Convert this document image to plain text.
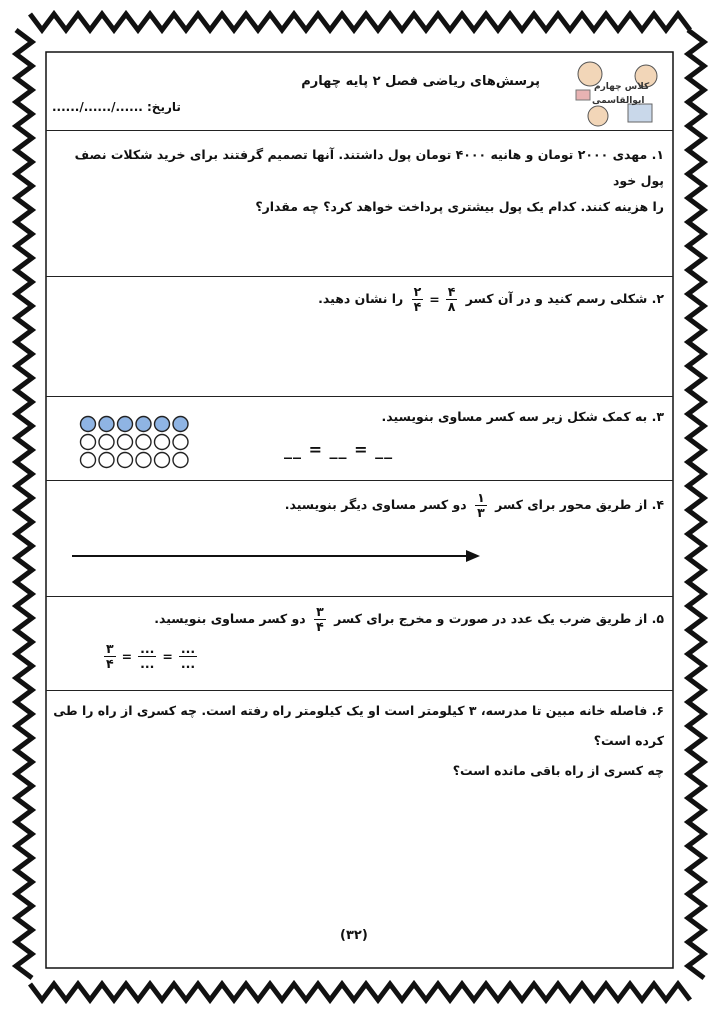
پرسش‌های ریاضی فصل ۲ پایه چهارم
تاریخ: ....../....../......
کلاس چهارم
ابوالقاسمی
۱. مهدی ۲۰۰۰ تومان و هانیه ۴۰۰۰ تومان پول داشتند. آنها تصمیم گرفتند برای خرید شکلات نصف پول خود
را هزینه کنند. کدام یک پول بیشتری پرداخت خواهد کرد؟ چه مقدار؟
۲. شکلی رسم کنید و در آن کسر
$\frac{۴}{۸}$
=
$\frac{۲}{۴}$
را نشان دهید.
۳. به کمک شکل زیر سه کسر مساوی بنویسید.
__ = __ = __
۴. از طریق محور برای کسر
$\frac{۱}{۳}$
دو کسر مساوی دیگر بنویسید.
۵. از طریق ضرب یک عدد در صورت و مخرج برای کسر
$\frac{۳}{۴}$
دو کسر مساوی بنویسید.
$\frac{۳}{۴} = \frac{...}{...} = \frac{...}{...}$
۶. فاصله خانه مبین تا مدرسه، ۳ کیلومتر است او یک کیلومتر راه رفته است. چه کسری از راه را طی کرده است؟
چه کسری از راه باقی مانده است؟
(۳۲)
